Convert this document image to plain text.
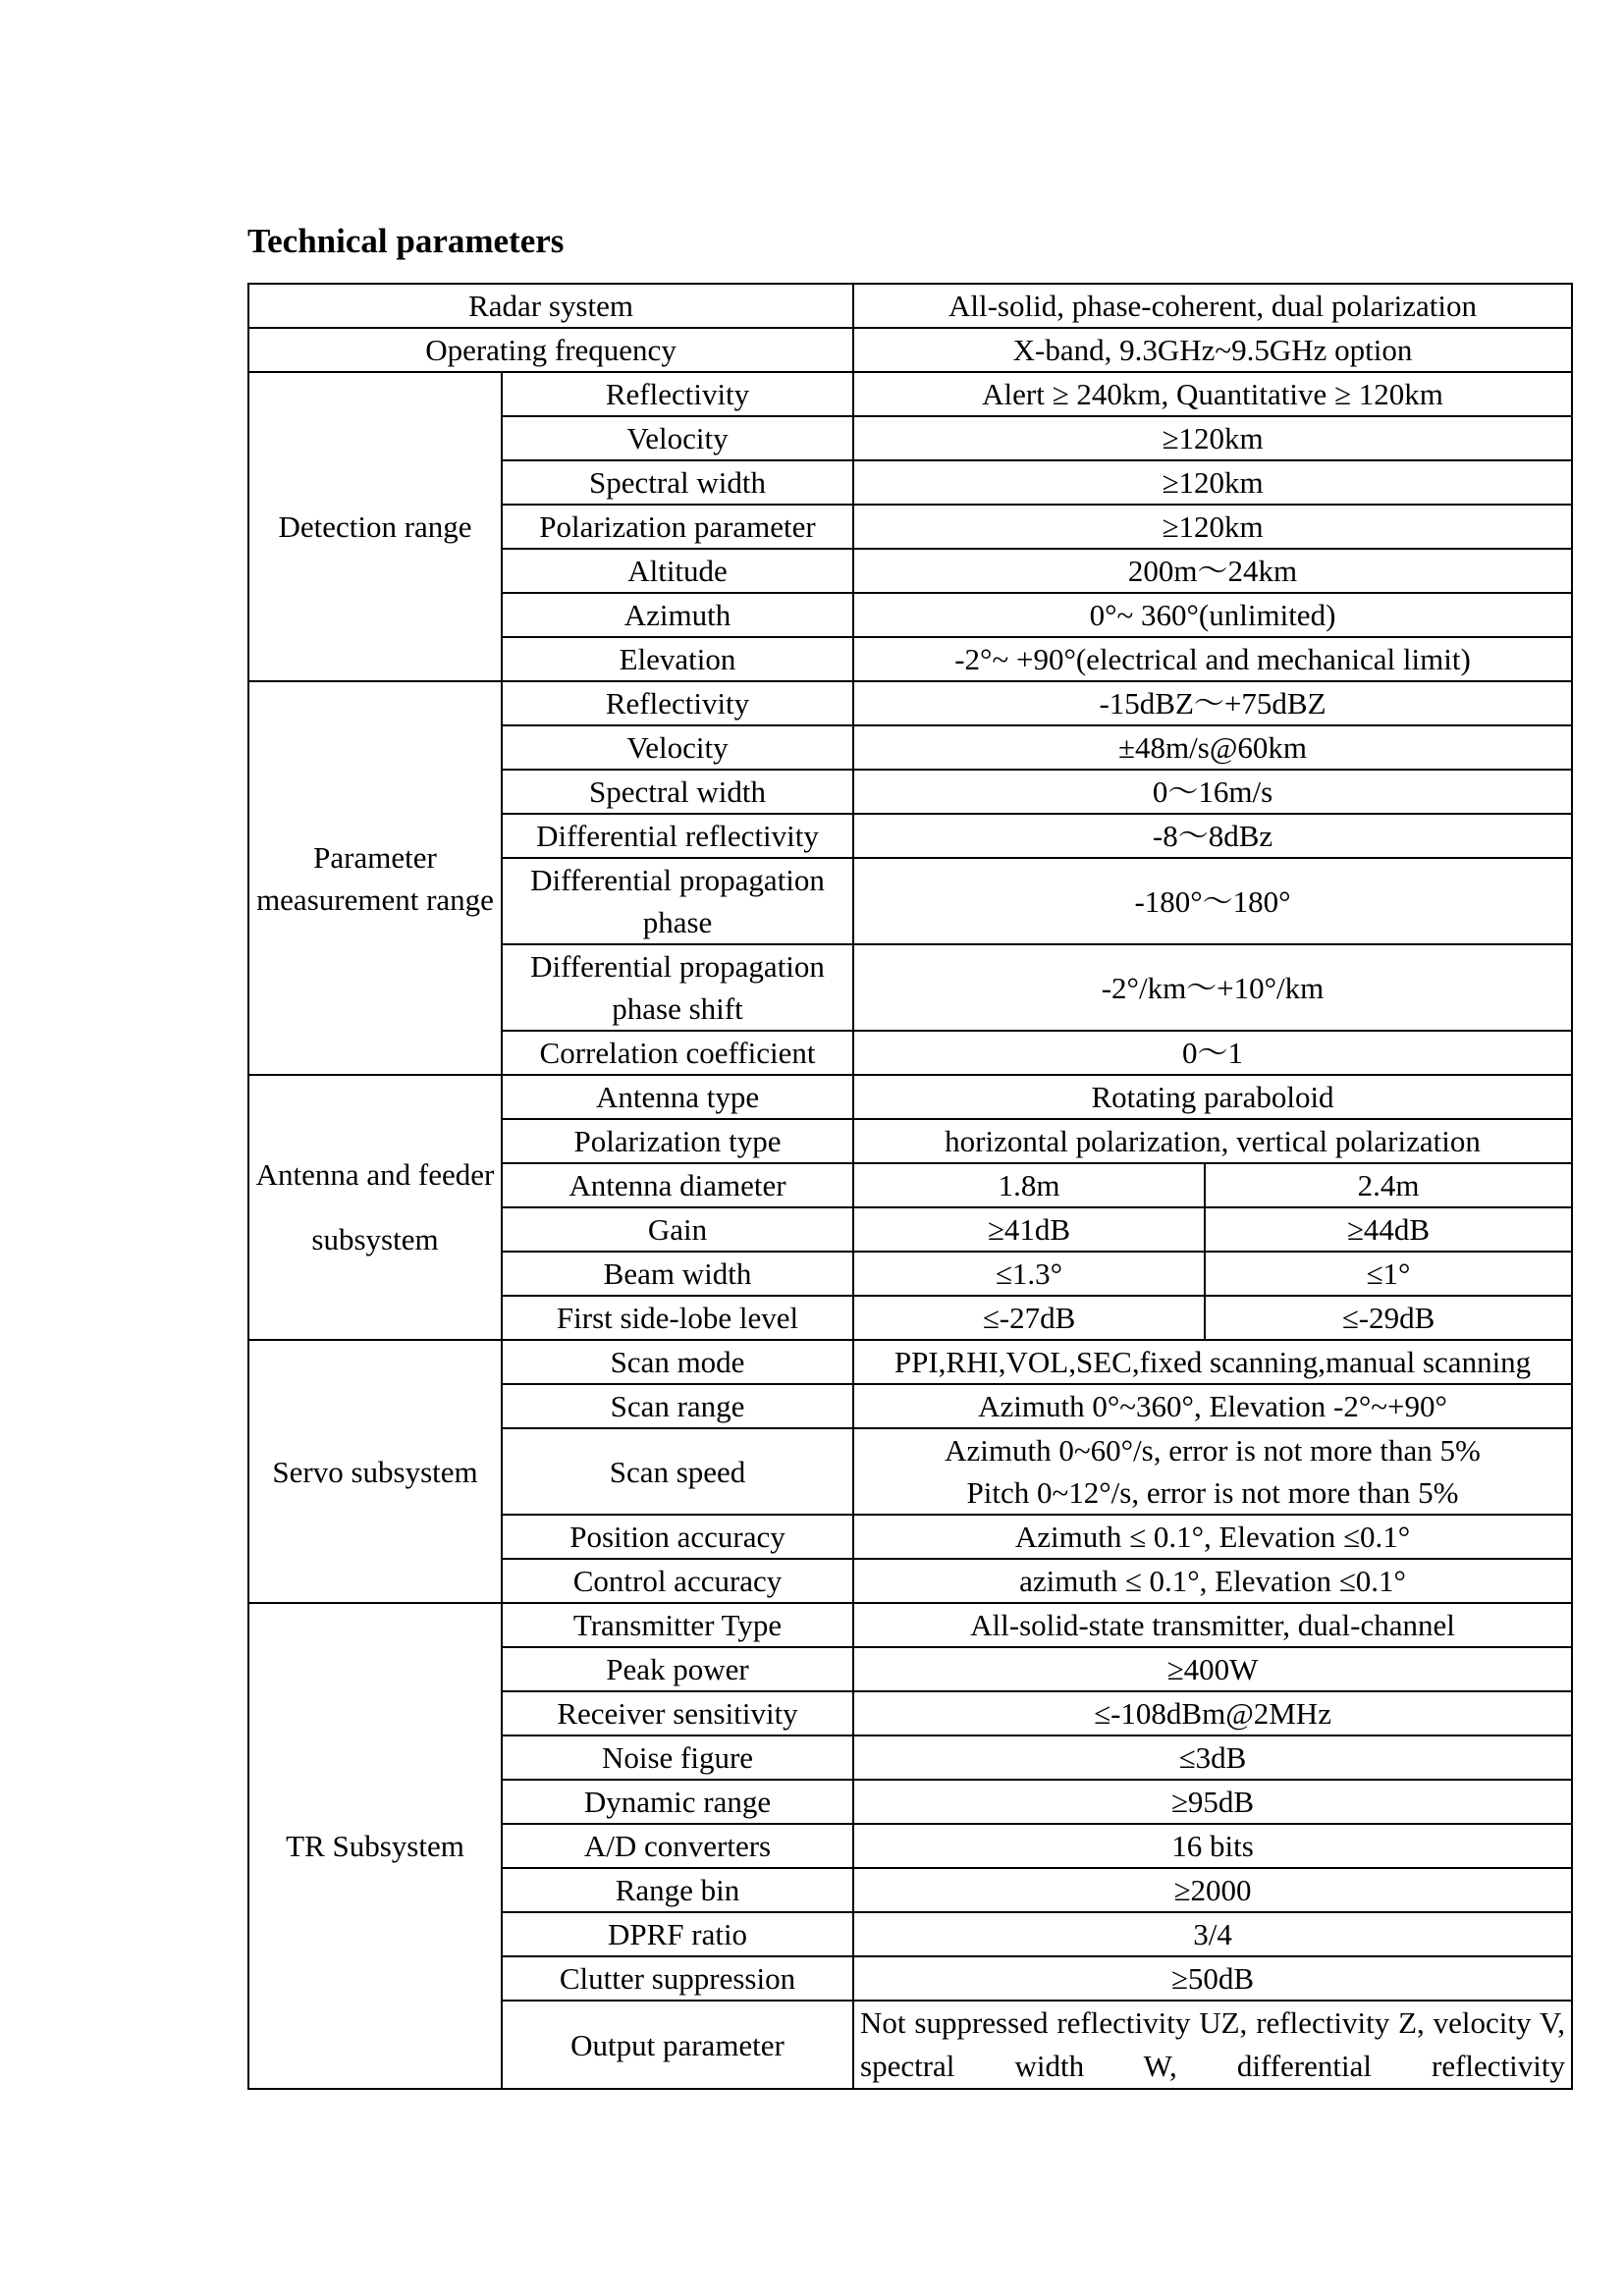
Technical parameters
Radar system		All-solid, phase-coherent, dual polarization	
Operating frequency		X-band, 9.3GHz~9.5GHz option	
Detection range	Reflectivity	Alert ≥ 240km, Quantitative ≥ 120km	
	Velocity	≥120km	
	Spectral width	≥120km	
	Polarization parameter	≥120km	
	Altitude	200m～24km	
	Azimuth	0°~ 360°(unlimited)	
	Elevation	-2°~ +90°(electrical and mechanical limit)	
Parameter measurement range	Reflectivity	-15dBZ～+75dBZ	
	Velocity	±48m/s@60km	
	Spectral width	0～16m/s	
	Differential reflectivity	-8～8dBz	
	Differential propagation phase	-180°～180°	
	Differential propagation phase shift	-2°/km～+10°/km	
	Correlation coefficient	0～1	
Antenna and feeder subsystem	Antenna type	Rotating paraboloid	
	Polarization type	horizontal polarization, vertical polarization	
	Antenna diameter	1.8m	2.4m
	Gain	≥41dB	≥44dB
	Beam width	≤1.3°	≤1°
	First side-lobe level	≤-27dB	≤-29dB
Servo subsystem	Scan mode	PPI,RHI,VOL,SEC,fixed scanning,manual scanning	
	Scan range	Azimuth 0°~360°, Elevation -2°~+90°	
	Scan speed	Azimuth 0~60°/s, error is not more than 5%
Pitch 0~12°/s, error is not more than 5%	

	Position accuracy	Azimuth ≤ 0.1°, Elevation ≤0.1°	
	Control accuracy	azimuth ≤ 0.1°, Elevation ≤0.1°	
TR Subsystem	Transmitter Type	All-solid-state transmitter, dual-channel	
	Peak power	≥400W	
	Receiver sensitivity	≤-108dBm@2MHz	
	Noise figure	≤3dB	
	Dynamic range	≥95dB	
	A/D converters	16 bits	
	Range bin	≥2000	
	DPRF ratio	3/4	
	Clutter suppression	≥50dB	
	Output parameter	Not suppressed reflectivity UZ, reflectivity Z, velocity V, spectral width W, differential reflectivity	
